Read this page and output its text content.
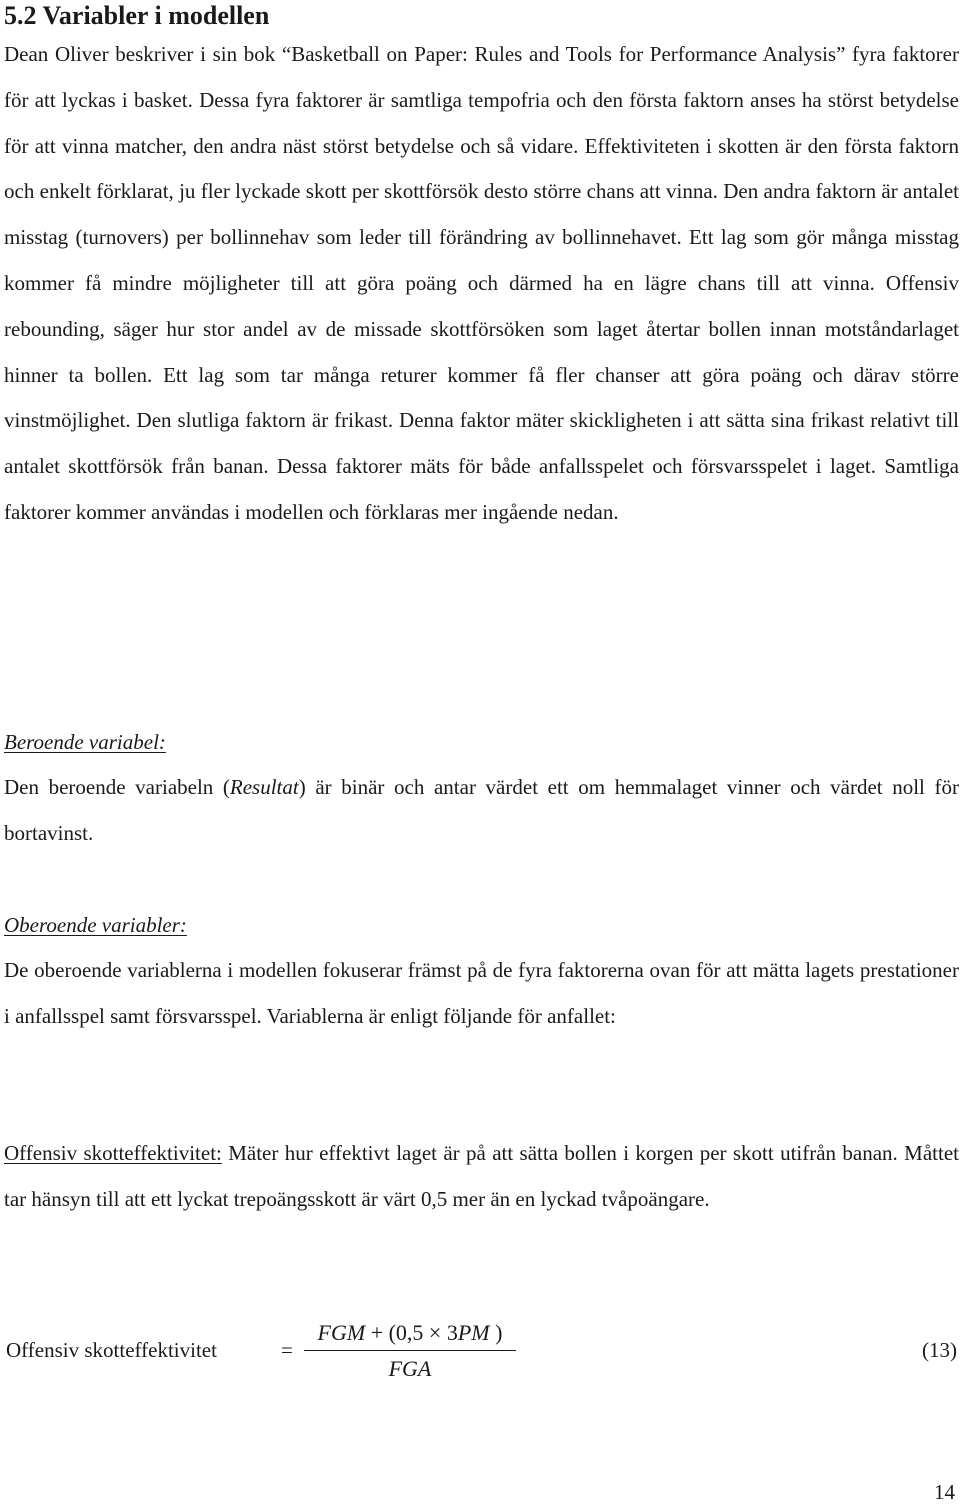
5.2 Variabler i modellen
Dean Oliver beskriver i sin bok “Basketball on Paper: Rules and Tools for Performance Analysis” fyra faktorer för att lyckas i basket. Dessa fyra faktorer är samtliga tempofria och den första faktorn anses ha störst betydelse för att vinna matcher, den andra näst störst betydelse och så vidare. Effektiviteten i skotten är den första faktorn och enkelt förklarat, ju fler lyckade skott per skottförsök desto större chans att vinna. Den andra faktorn är antalet misstag (turnovers) per bollinnehav som leder till förändring av bollinnehavet. Ett lag som gör många misstag kommer få mindre möjligheter till att göra poäng och därmed ha en lägre chans till att vinna. Offensiv rebounding, säger hur stor andel av de missade skottförsöken som laget återtar bollen innan motståndarlaget hinner ta bollen. Ett lag som tar många returer kommer få fler chanser att göra poäng och därav större vinstmöjlighet. Den slutliga faktorn är frikast. Denna faktor mäter skickligheten i att sätta sina frikast relativt till antalet skottförsök från banan. Dessa faktorer mäts för både anfallsspelet och försvarsspelet i laget. Samtliga faktorer kommer användas i modellen och förklaras mer ingående nedan.
Beroende variabel:
Den beroende variabeln (Resultat) är binär och antar värdet ett om hemmalaget vinner och värdet noll för bortavinst.
Oberoende variabler:
De oberoende variablerna i modellen fokuserar främst på de fyra faktorerna ovan för att mätta lagets prestationer i anfallsspel samt försvarsspel. Variablerna är enligt följande för anfallet:
Offensiv skotteffektivitet: Mäter hur effektivt laget är på att sätta bollen i korgen per skott utifrån banan. Måttet tar hänsyn till att ett lyckat trepoängsskott är värt 0,5 mer än en lyckad tvåpoängare.
Offensiv skotteffektivitet	=
FGM + (0,5 × 3PM )
FGA
(13)
14
